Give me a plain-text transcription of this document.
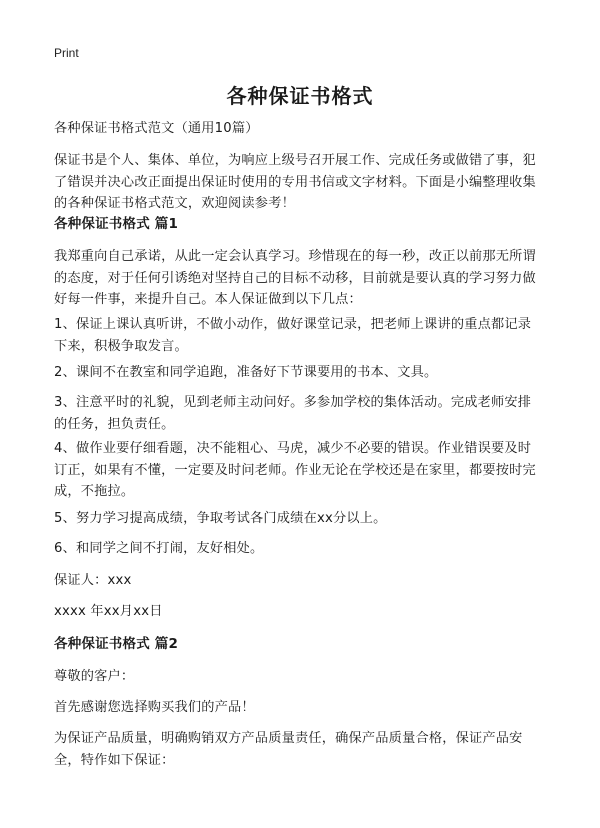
Print
各种保证书格式
各种保证书格式范文（通用10篇）
保证书是个人、集体、单位，为响应上级号召开展工作、完成任务或做错了事，犯了错误并决心改正面提出保证时使用的专用书信或文字材料。下面是小编整理收集的各种保证书格式范文，欢迎阅读参考！
各种保证书格式 篇1
我郑重向自己承诺，从此一定会认真学习。珍惜现在的每一秒，改正以前那无所谓的态度，对于任何引诱绝对坚持自己的目标不动移，目前就是要认真的学习努力做好每一件事，来提升自己。本人保证做到以下几点：
1、保证上课认真听讲，不做小动作，做好课堂记录，把老师上课讲的重点都记录下来，积极争取发言。
2、课间不在教室和同学追跑，准备好下节课要用的书本、文具。
3、注意平时的礼貌，见到老师主动问好。多参加学校的集体活动。完成老师安排的任务，担负责任。
4、做作业要仔细看题，决不能粗心、马虎，减少不必要的错误。作业错误要及时订正，如果有不懂，一定要及时问老师。作业无论在学校还是在家里，都要按时完成，不拖拉。
5、努力学习提高成绩，争取考试各门成绩在xx分以上。
6、和同学之间不打闹，友好相处。
保证人：xxx
xxxx 年xx月xx日
各种保证书格式 篇2
尊敬的客户：
首先感谢您选择购买我们的产品！
为保证产品质量，明确购销双方产品质量责任，确保产品质量合格，保证产品安全，特作如下保证：
